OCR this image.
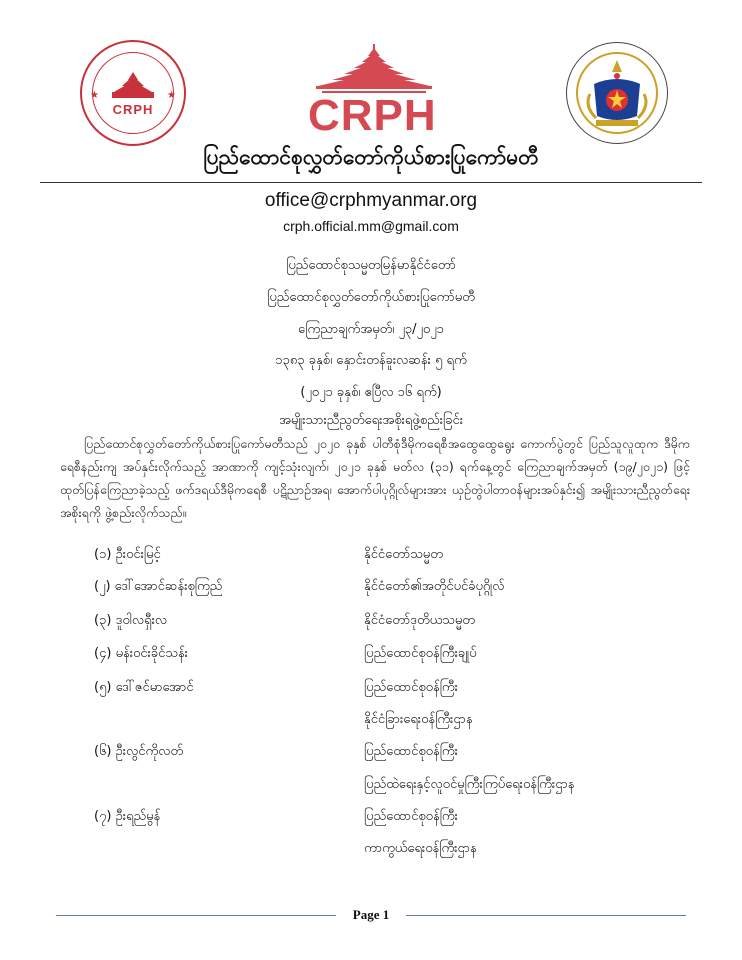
★	★
CRPH	CRPH
ပြည်ထောင်စုလွှတ်တော်ကိုယ်စားပြုကော်မတီ
office@crphmyanmar.org
crph.official.mm@gmail.com
ပြည်ထောင်စုသမ္မတမြန်မာနိုင်ငံတော်
ပြည်ထောင်စုလွှတ်တော်ကိုယ်စားပြုကော်မတီ
ကြေညာချက်အမှတ်၊ ၂၃/၂၀၂၁
၁၃၈၃ ခုနှစ်၊ နှောင်းတန်ခူးလဆန်း ၅ ရက်
(၂၀၂၁ ခုနှစ်၊ ဧပြီလ ၁၆ ရက်)
အမျိုးသားညီညွတ်ရေးအစိုးရဖွဲ့စည်းခြင်း
ပြည်ထောင်စုလွှတ်တော်ကိုယ်စားပြုကော်မတီသည် ၂၀၂၀ ခုနှစ် ပါတီစုံဒီမိုကရေစီအထွေထွေရွေး ကောက်ပွဲတွင် ပြည်သူလူထုက ဒီမိုကရေစီနည်းကျ အပ်နှင်းလိုက်သည့် အာဏာကို ကျင့်သုံးလျက်၊ ၂၀၂၁ ခုနှစ် မတ်လ (၃၁) ရက်နေ့တွင် ကြေညာချက်အမှတ် (၁၉/၂၀၂၁) ဖြင့် ထုတ်ပြန်ကြေညာခဲ့သည့် ဖက်ဒရယ်ဒီမိုကရေစီ ပဋိညာဉ်အရ၊ အောက်ပါပုဂ္ဂိုလ်များအား ယှဉ်တွဲပါတာဝန်များအပ်နှင်း၍ အမျိုးသားညီညွတ်ရေးအစိုးရကို ဖွဲ့စည်းလိုက်သည်။
(၁) ဦးဝင်းမြင့်	နိုင်ငံတော်သမ္မတ
(၂) ဒေါ်အောင်ဆန်းစုကြည်	နိုင်ငံတော်၏အတိုင်ပင်ခံပုဂ္ဂိုလ်
(၃) ဒူဝါလရှီးလ	နိုင်ငံတော်ဒုတိယသမ္မတ
(၄) မန်းဝင်းခိုင်သန်း	ပြည်ထောင်စုဝန်ကြီးချုပ်
(၅) ဒေါ်ဇင်မာအောင်	ပြည်ထောင်စုဝန်ကြီး
နိုင်ငံခြားရေးဝန်ကြီးဌာန
(၆) ဦးလွင်ကိုလတ်	ပြည်ထောင်စုဝန်ကြီး
ပြည်ထဲရေးနှင့်လူဝင်မှုကြီးကြပ်ရေးဝန်ကြီးဌာန
(၇) ဦးရည်မွန်	ပြည်ထောင်စုဝန်ကြီး
ကာကွယ်ရေးဝန်ကြီးဌာန
Page 1
